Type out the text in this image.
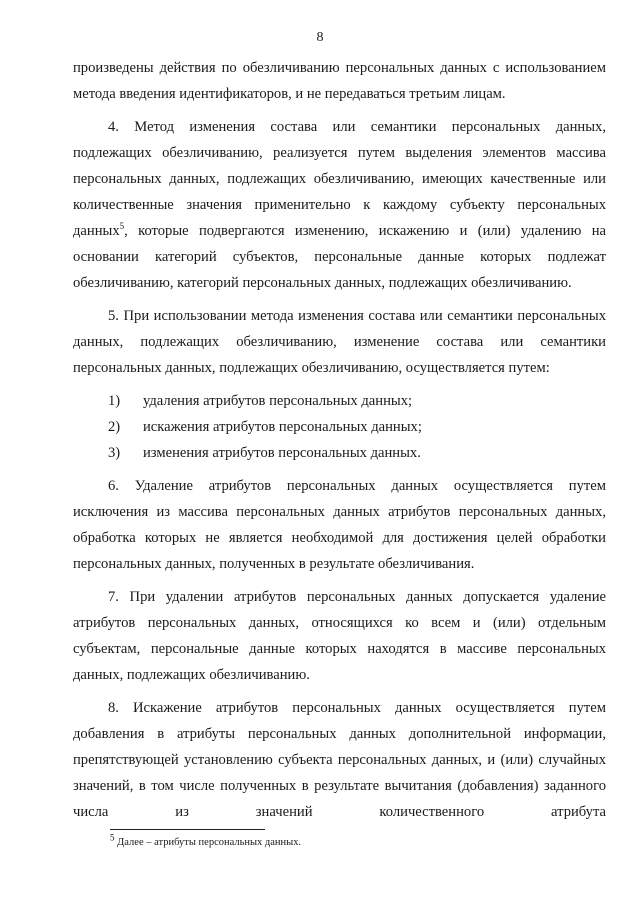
8

произведены действия по обезличиванию персональных данных с использованием метода введения идентификаторов, и не передаваться третьим лицам.

4. Метод изменения состава или семантики персональных данных, подлежащих обезличиванию, реализуется путем выделения элементов массива персональных данных, подлежащих обезличиванию, имеющих качественные или количественные значения применительно к каждому субъекту персональных данных$^5$, которые подвергаются изменению, искажению и (или) удалению на основании категорий субъектов, персональные данные которых подлежат обезличиванию, категорий персональных данных, подлежащих обезличиванию.

5. При использовании метода изменения состава или семантики персональных данных, подлежащих обезличиванию, изменение состава или семантики персональных данных, подлежащих обезличиванию, осуществляется путем:

1)	удаления атрибутов персональных данных;
2)	искажения атрибутов персональных данных;
3)	изменения атрибутов персональных данных.

6. Удаление атрибутов персональных данных осуществляется путем исключения из массива персональных данных атрибутов персональных данных, обработка которых не является необходимой для достижения целей обработки персональных данных, полученных в результате обезличивания.

7. При удалении атрибутов персональных данных допускается удаление атрибутов персональных данных, относящихся ко всем и (или) отдельным субъектам, персональные данные которых находятся в массиве персональных данных, подлежащих обезличиванию.

8. Искажение атрибутов персональных данных осуществляется путем добавления в атрибуты персональных данных дополнительной информации, препятствующей установлению субъекта персональных данных, и (или) случайных значений, в том числе полученных в результате вычитания (добавления) заданного числа из значений количественного атрибута

5 Далее – атрибуты персональных данных.
